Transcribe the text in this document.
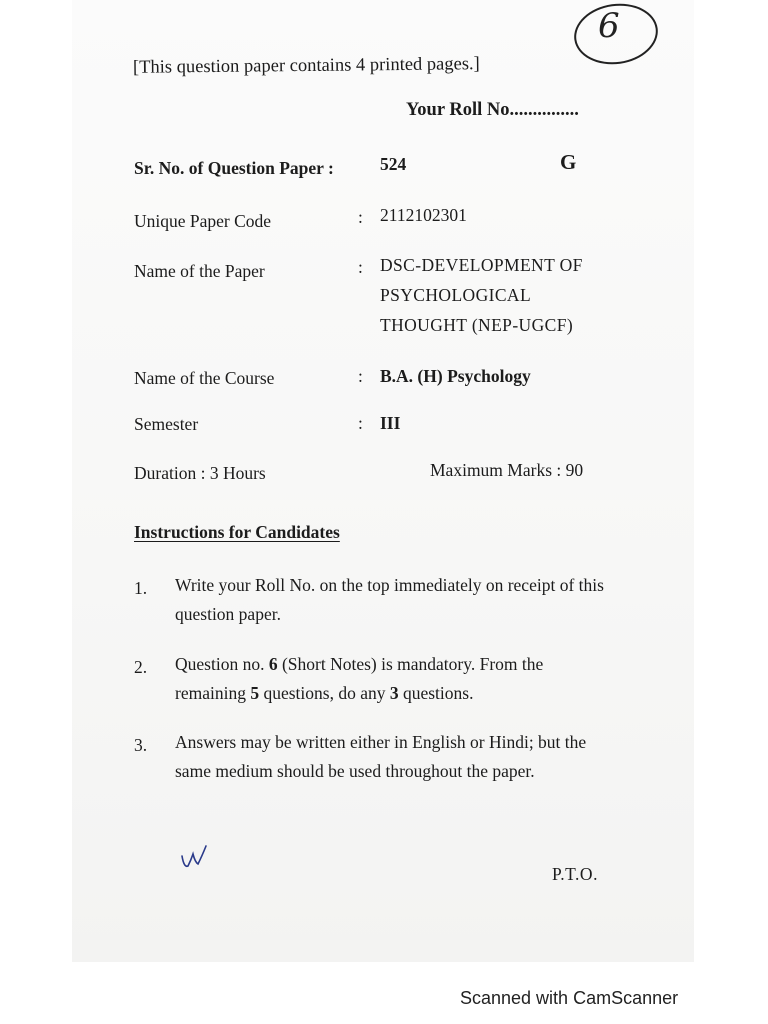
6
[This question paper contains 4 printed pages.]
Your Roll No...............
Sr. No. of Question Paper :	524	G
Unique Paper Code	: 2112102301
Name of the Paper	: DSC-DEVELOPMENT OF
PSYCHOLOGICAL
THOUGHT (NEP-UGCF)
Name of the Course	: B.A. (H) Psychology
Semester	: III
Duration : 3 Hours	Maximum Marks : 90
Instructions for Candidates
1. Write your Roll No. on the top immediately on receipt of this question paper.
2. Question no. 6 (Short Notes) is mandatory. From the remaining 5 questions, do any 3 questions.
3. Answers may be written either in English or Hindi; but the same medium should be used throughout the paper.
P.T.O.
Scanned with CamScanner
